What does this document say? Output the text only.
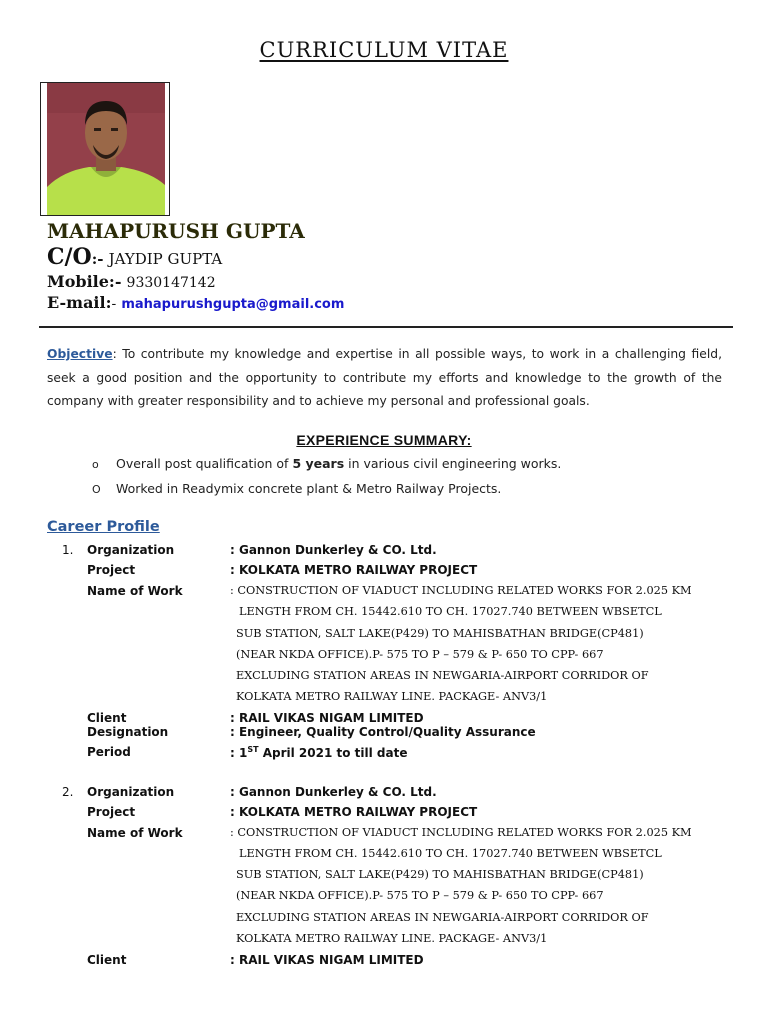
CURRICULUM VITAE
MAHAPURUSH GUPTA
C/O:- JAYDIP GUPTA
Mobile:- 9330147142
E-mail:- mahapurushgupta@gmail.com
Objective: To contribute my knowledge and expertise in all possible ways, to work in a challenging field, seek a good position and the opportunity to contribute my efforts and knowledge to the growth of the company with greater responsibility and to achieve my personal and professional goals.
EXPERIENCE SUMMARY:
o Overall post qualification of 5 years in various civil engineering works.
O Worked in Readymix concrete plant & Metro Railway Projects.
Career Profile
1. Organization	: Gannon Dunkerley & CO. Ltd.
Project	: KOLKATA METRO RAILWAY PROJECT
Name of Work	: CONSTRUCTION OF VIADUCT INCLUDING RELATED WORKS FOR 2.025 KM
LENGTH FROM CH. 15442.610 TO CH. 17027.740 BETWEEN WBSETCL
SUB STATION, SALT LAKE(P429) TO MAHISBATHAN BRIDGE(CP481)
(NEAR NKDA OFFICE).P- 575 TO P – 579 & P- 650 TO CPP- 667
EXCLUDING STATION AREAS IN NEWGARIA-AIRPORT CORRIDOR OF
KOLKATA METRO RAILWAY LINE. PACKAGE- ANV3/1
Client	: RAIL VIKAS NIGAM LIMITED
Designation	: Engineer, Quality Control/Quality Assurance
Period	: 1ST April 2021 to till date
2. Organization	: Gannon Dunkerley & CO. Ltd.
Project	: KOLKATA METRO RAILWAY PROJECT
Name of Work	: CONSTRUCTION OF VIADUCT INCLUDING RELATED WORKS FOR 2.025 KM
LENGTH FROM CH. 15442.610 TO CH. 17027.740 BETWEEN WBSETCL
SUB STATION, SALT LAKE(P429) TO MAHISBATHAN BRIDGE(CP481)
(NEAR NKDA OFFICE).P- 575 TO P – 579 & P- 650 TO CPP- 667
EXCLUDING STATION AREAS IN NEWGARIA-AIRPORT CORRIDOR OF
KOLKATA METRO RAILWAY LINE. PACKAGE- ANV3/1
Client	: RAIL VIKAS NIGAM LIMITED
